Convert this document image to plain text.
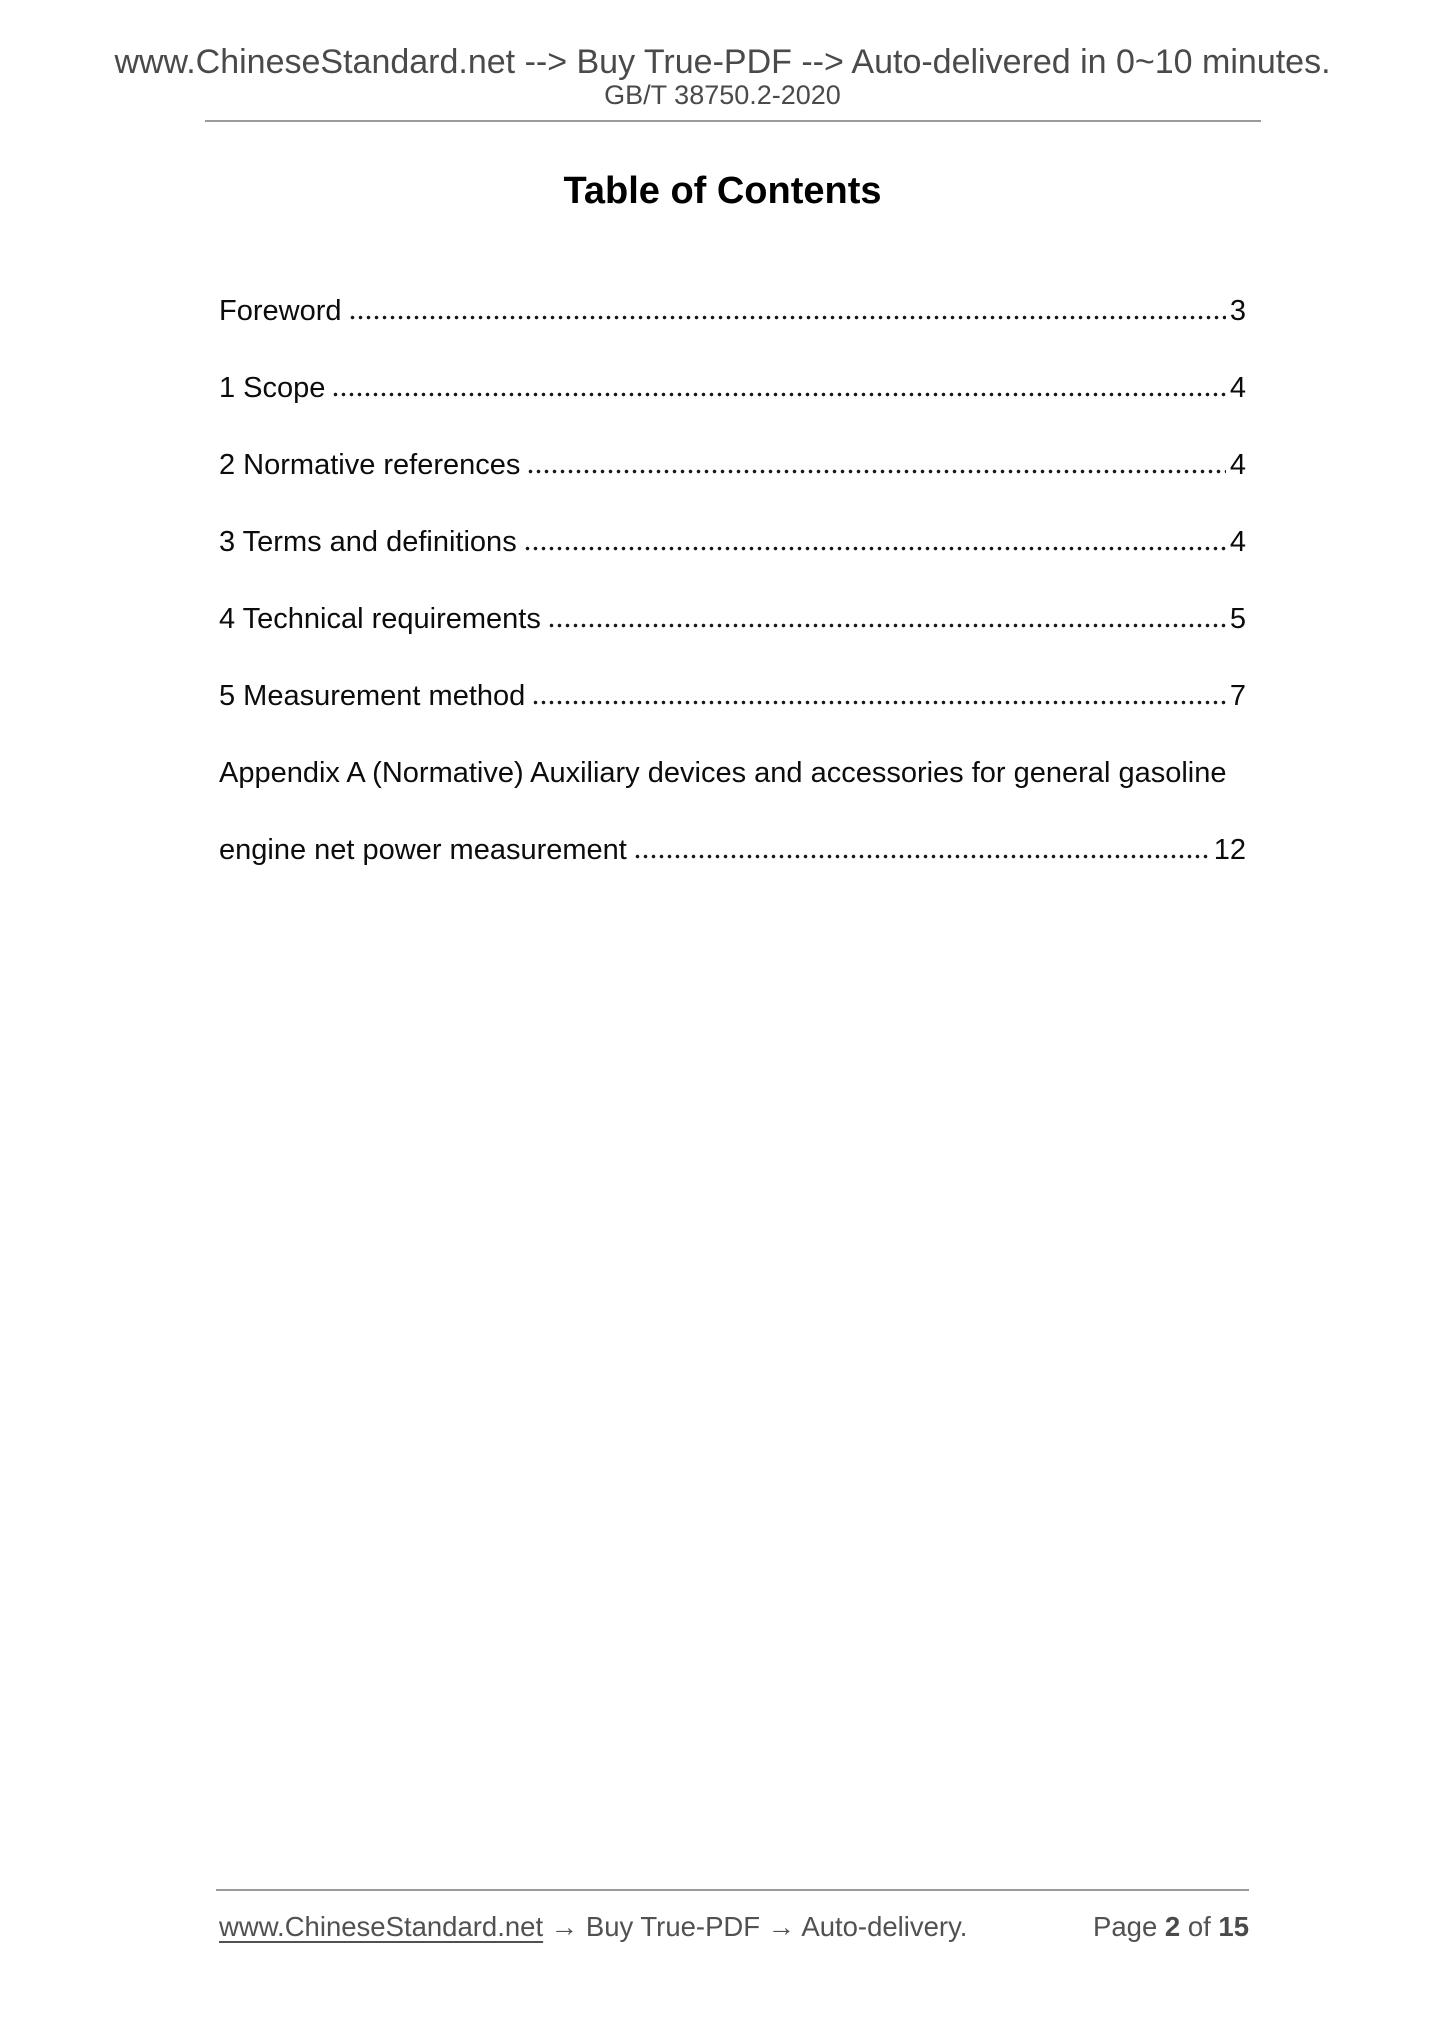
www.ChineseStandard.net --> Buy True-PDF --> Auto-delivered in 0~10 minutes.
GB/T 38750.2-2020
Table of Contents
Foreword	3
1 Scope	4
2 Normative references	4
3 Terms and definitions	4
4 Technical requirements	5
5 Measurement method	7
Appendix A (Normative) Auxiliary devices and accessories for general gasoline
engine net power measurement	12
www.ChineseStandard.net → Buy True-PDF → Auto-delivery.	Page 2 of 15
